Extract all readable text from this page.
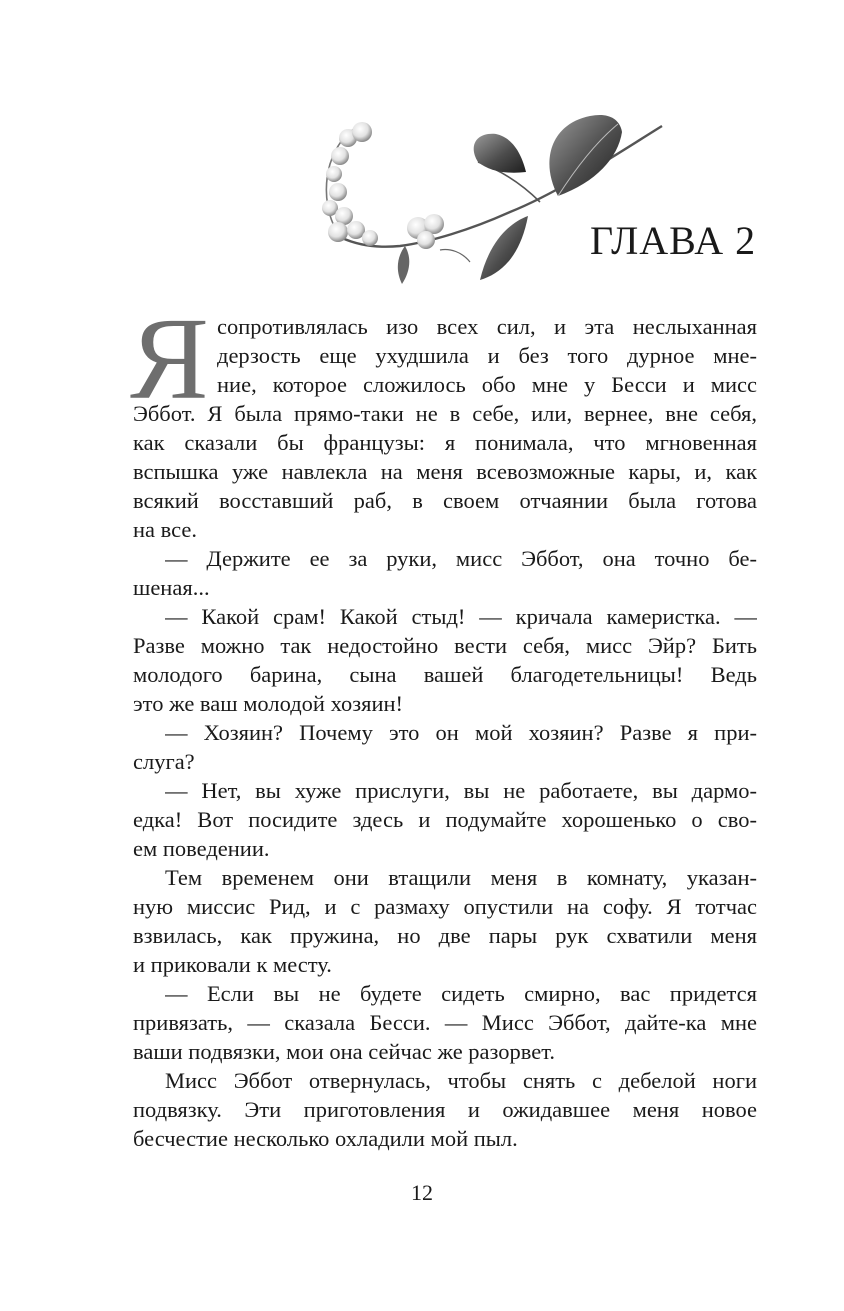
ГЛАВА 2
Я сопротивлялась изо всех сил, и эта неслыханная

дерзость еще ухудшила и без того дурное мне-

ние, которое сложилось обо мне у Бесси и мисс

Эббот. Я была прямо-таки не в себе, или, вернее, вне себя,

как сказали бы французы: я понимала, что мгновенная

вспышка уже навлекла на меня всевозможные кары, и, как

всякий восставший раб, в своем отчаянии была готова

на все.

— Держите ее за руки, мисс Эббот, она точно бе-

шеная...

— Какой срам! Какой стыд! — кричала камеристка. —

Разве можно так недостойно вести себя, мисс Эйр? Бить

молодого барина, сына вашей благодетельницы! Ведь

это же ваш молодой хозяин!

— Хозяин? Почему это он мой хозяин? Разве я при-

слуга?

— Нет, вы хуже прислуги, вы не работаете, вы дармо-

едка! Вот посидите здесь и подумайте хорошенько о сво-

ем поведении.

Тем временем они втащили меня в комнату, указан-

ную миссис Рид, и с размаху опустили на софу. Я тотчас

взвилась, как пружина, но две пары рук схватили меня

и приковали к месту.

— Если вы не будете сидеть смирно, вас придется

привязать, — сказала Бесси. — Мисс Эббот, дайте-ка мне

ваши подвязки, мои она сейчас же разорвет.

Мисс Эббот отвернулась, чтобы снять с дебелой ноги

подвязку. Эти приготовления и ожидавшее меня новое

бесчестие несколько охладили мой пыл.

12
